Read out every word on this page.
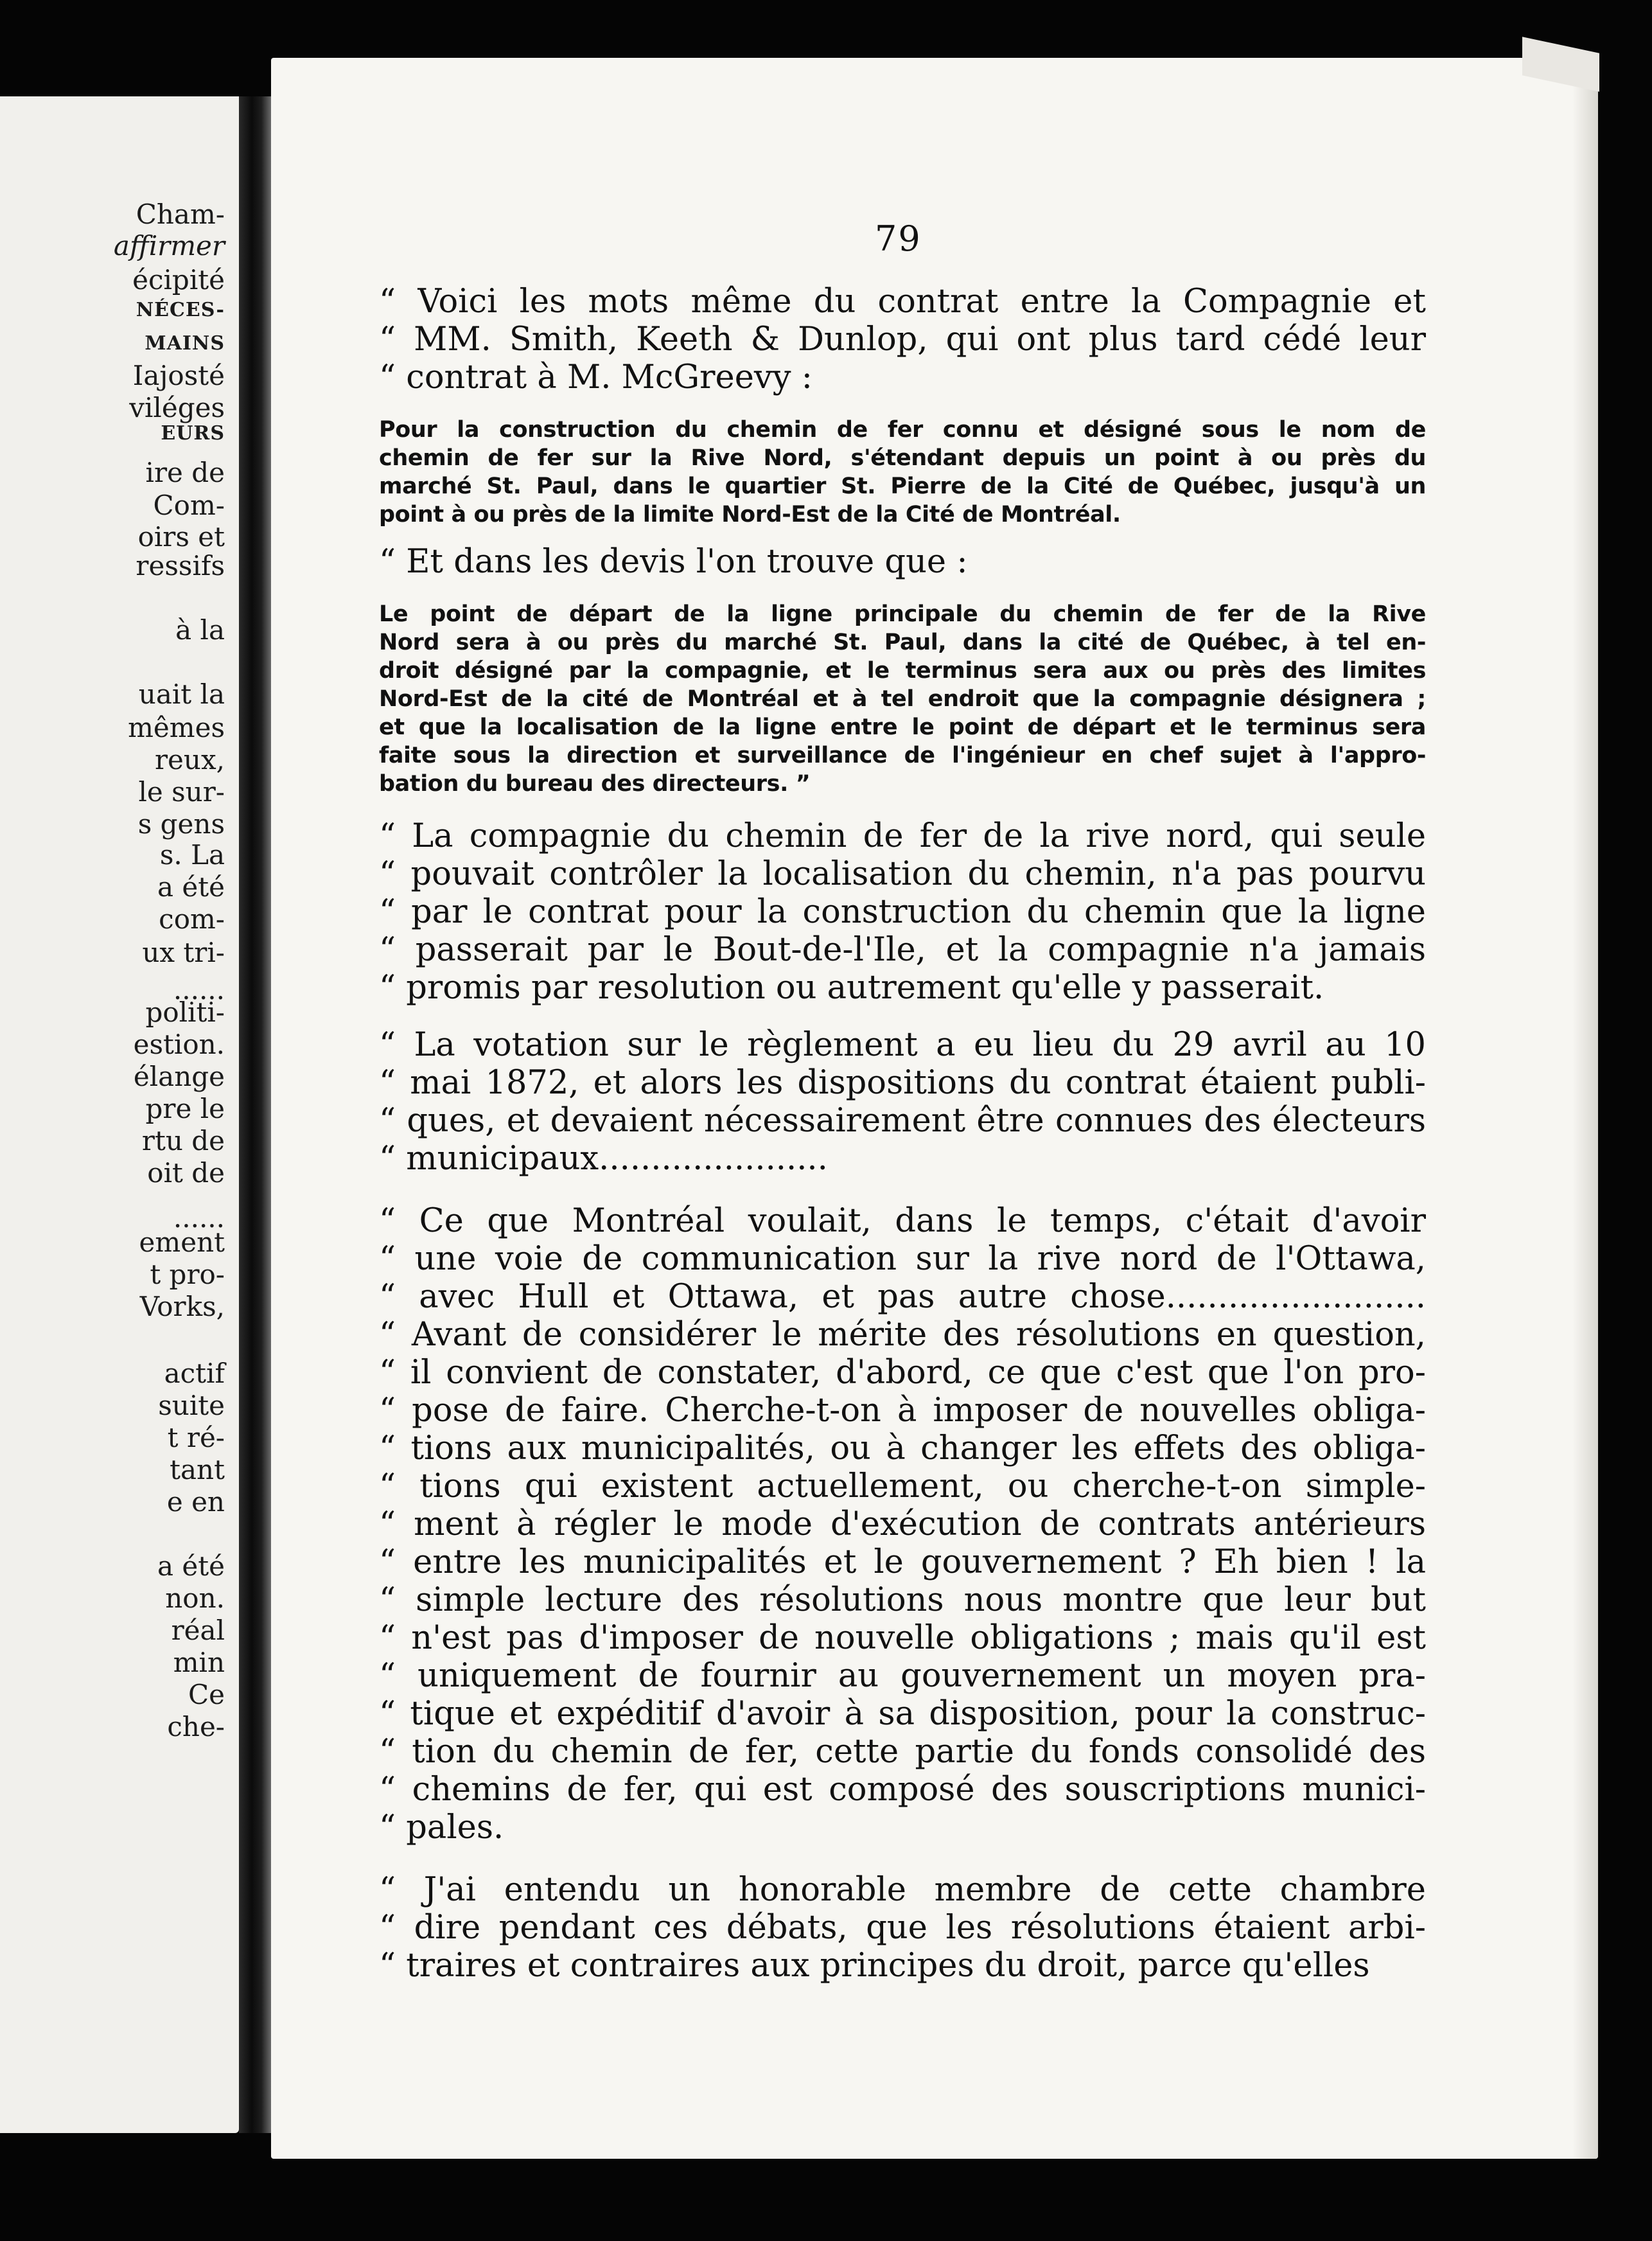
Cham-
affirmer
écipité
NÉCES-
MAINS
Iajosté
viléges
EURS
ire de
Com-
oirs et
ressifs
à la
uait la
mêmes
reux,
le sur-
s gens
s. La
a été
com-
ux tri-
......
politi-
estion.
élange
pre le
rtu de
oit de
......
ement
t pro-
Vorks,
actif
suite
t ré-
tant
e en
a été
non.
réal
min
Ce
che-
79
“ Voici les mots même du contrat entre la Compagnie et
“ MM. Smith, Keeth & Dunlop, qui ont plus tard cédé leur
“ contrat à M. McGreevy :
Pour la construction du chemin de fer connu et désigné sous le nom de
chemin de fer sur la Rive Nord, s'étendant depuis un point à ou près du
marché St. Paul, dans le quartier St. Pierre de la Cité de Québec, jusqu'à un
point à ou près de la limite Nord-Est de la Cité de Montréal.
“ Et dans les devis l'on trouve que :
Le point de départ de la ligne principale du chemin de fer de la Rive
Nord sera à ou près du marché St. Paul, dans la cité de Québec, à tel en-
droit désigné par la compagnie, et le terminus sera aux ou près des limites
Nord-Est de la cité de Montréal et à tel endroit que la compagnie désignera ;
et que la localisation de la ligne entre le point de départ et le terminus sera
faite sous la direction et surveillance de l'ingénieur en chef sujet à l'appro-
bation du bureau des directeurs. ”
“ La compagnie du chemin de fer de la rive nord, qui seule
“ pouvait contrôler la localisation du chemin, n'a pas pourvu
“ par le contrat pour la construction du chemin que la ligne
“ passerait par le Bout-de-l'Ile, et la compagnie n'a jamais
“ promis par resolution ou autrement qu'elle y passerait.
“ La votation sur le règlement a eu lieu du 29 avril au 10
“ mai 1872, et alors les dispositions du contrat étaient publi-
“ ques, et devaient nécessairement être connues des électeurs
“ municipaux......................
“ Ce que Montréal voulait, dans le temps, c'était d'avoir
“ une voie de communication sur la rive nord de l'Ottawa,
“ avec Hull et Ottawa, et pas autre chose.........................
“ Avant de considérer le mérite des résolutions en question,
“ il convient de constater, d'abord, ce que c'est que l'on pro-
“ pose de faire. Cherche-t-on à imposer de nouvelles obliga-
“ tions aux municipalités, ou à changer les effets des obliga-
“ tions qui existent actuellement, ou cherche-t-on simple-
“ ment à régler le mode d'exécution de contrats antérieurs
“ entre les municipalités et le gouvernement ? Eh bien ! la
“ simple lecture des résolutions nous montre que leur but
“ n'est pas d'imposer de nouvelle obligations ; mais qu'il est
“ uniquement de fournir au gouvernement un moyen pra-
“ tique et expéditif d'avoir à sa disposition, pour la construc-
“ tion du chemin de fer, cette partie du fonds consolidé des
“ chemins de fer, qui est composé des souscriptions munici-
“ pales.
“ J'ai entendu un honorable membre de cette chambre
“ dire pendant ces débats, que les résolutions étaient arbi-
“ traires et contraires aux principes du droit, parce qu'elles
